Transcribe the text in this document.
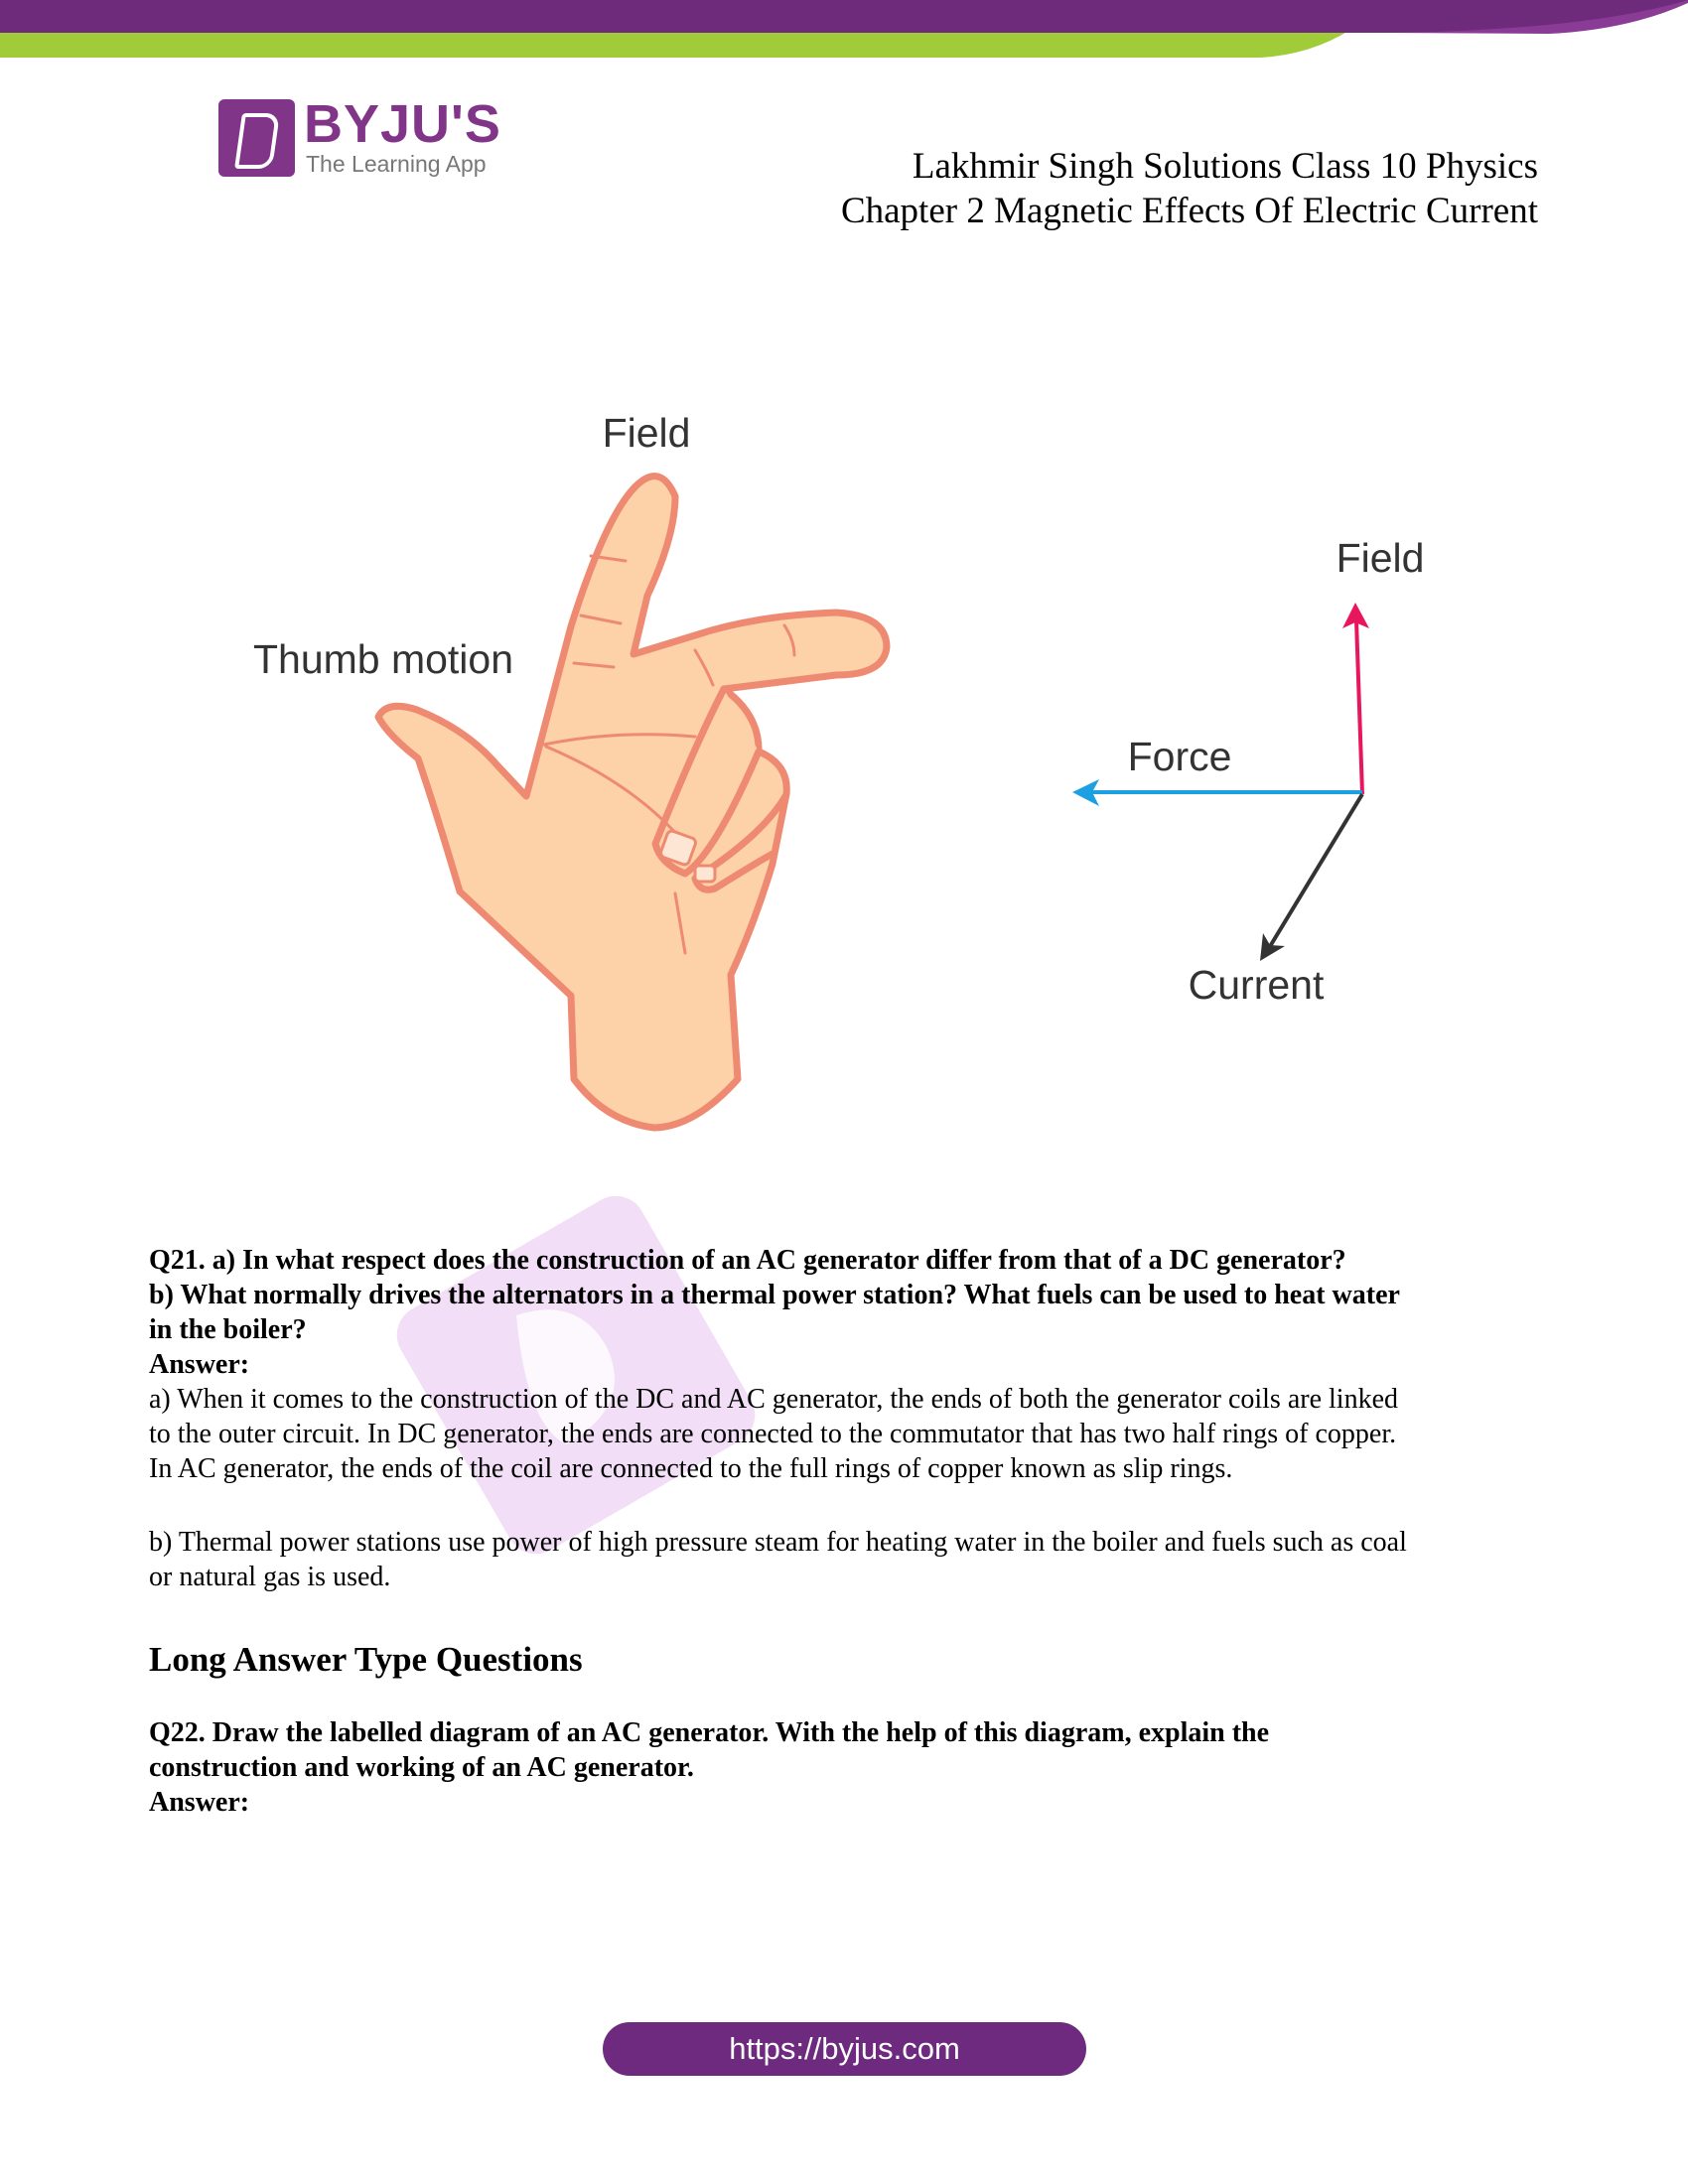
BYJU'S
The Learning App	Lakhmir Singh Solutions Class 10 Physics
Chapter 2 Magnetic Effects Of Electric Current
Field
Thumb motion
Field
Force
Current
Q21. a) In what respect does the construction of an AC generator differ from that of a DC generator?
b) What normally drives the alternators in a thermal power station? What fuels can be used to heat water
in the boiler?
Answer:
a) When it comes to the construction of the DC and AC generator, the ends of both the generator coils are linked
to the outer circuit. In DC generator, the ends are connected to the commutator that has two half rings of copper.
In AC generator, the ends of the coil are connected to the full rings of copper known as slip rings.
b) Thermal power stations use power of high pressure steam for heating water in the boiler and fuels such as coal
or natural gas is used.
Long Answer Type Questions
Q22. Draw the labelled diagram of an AC generator. With the help of this diagram, explain the
construction and working of an AC generator.
Answer:
https://byjus.com
